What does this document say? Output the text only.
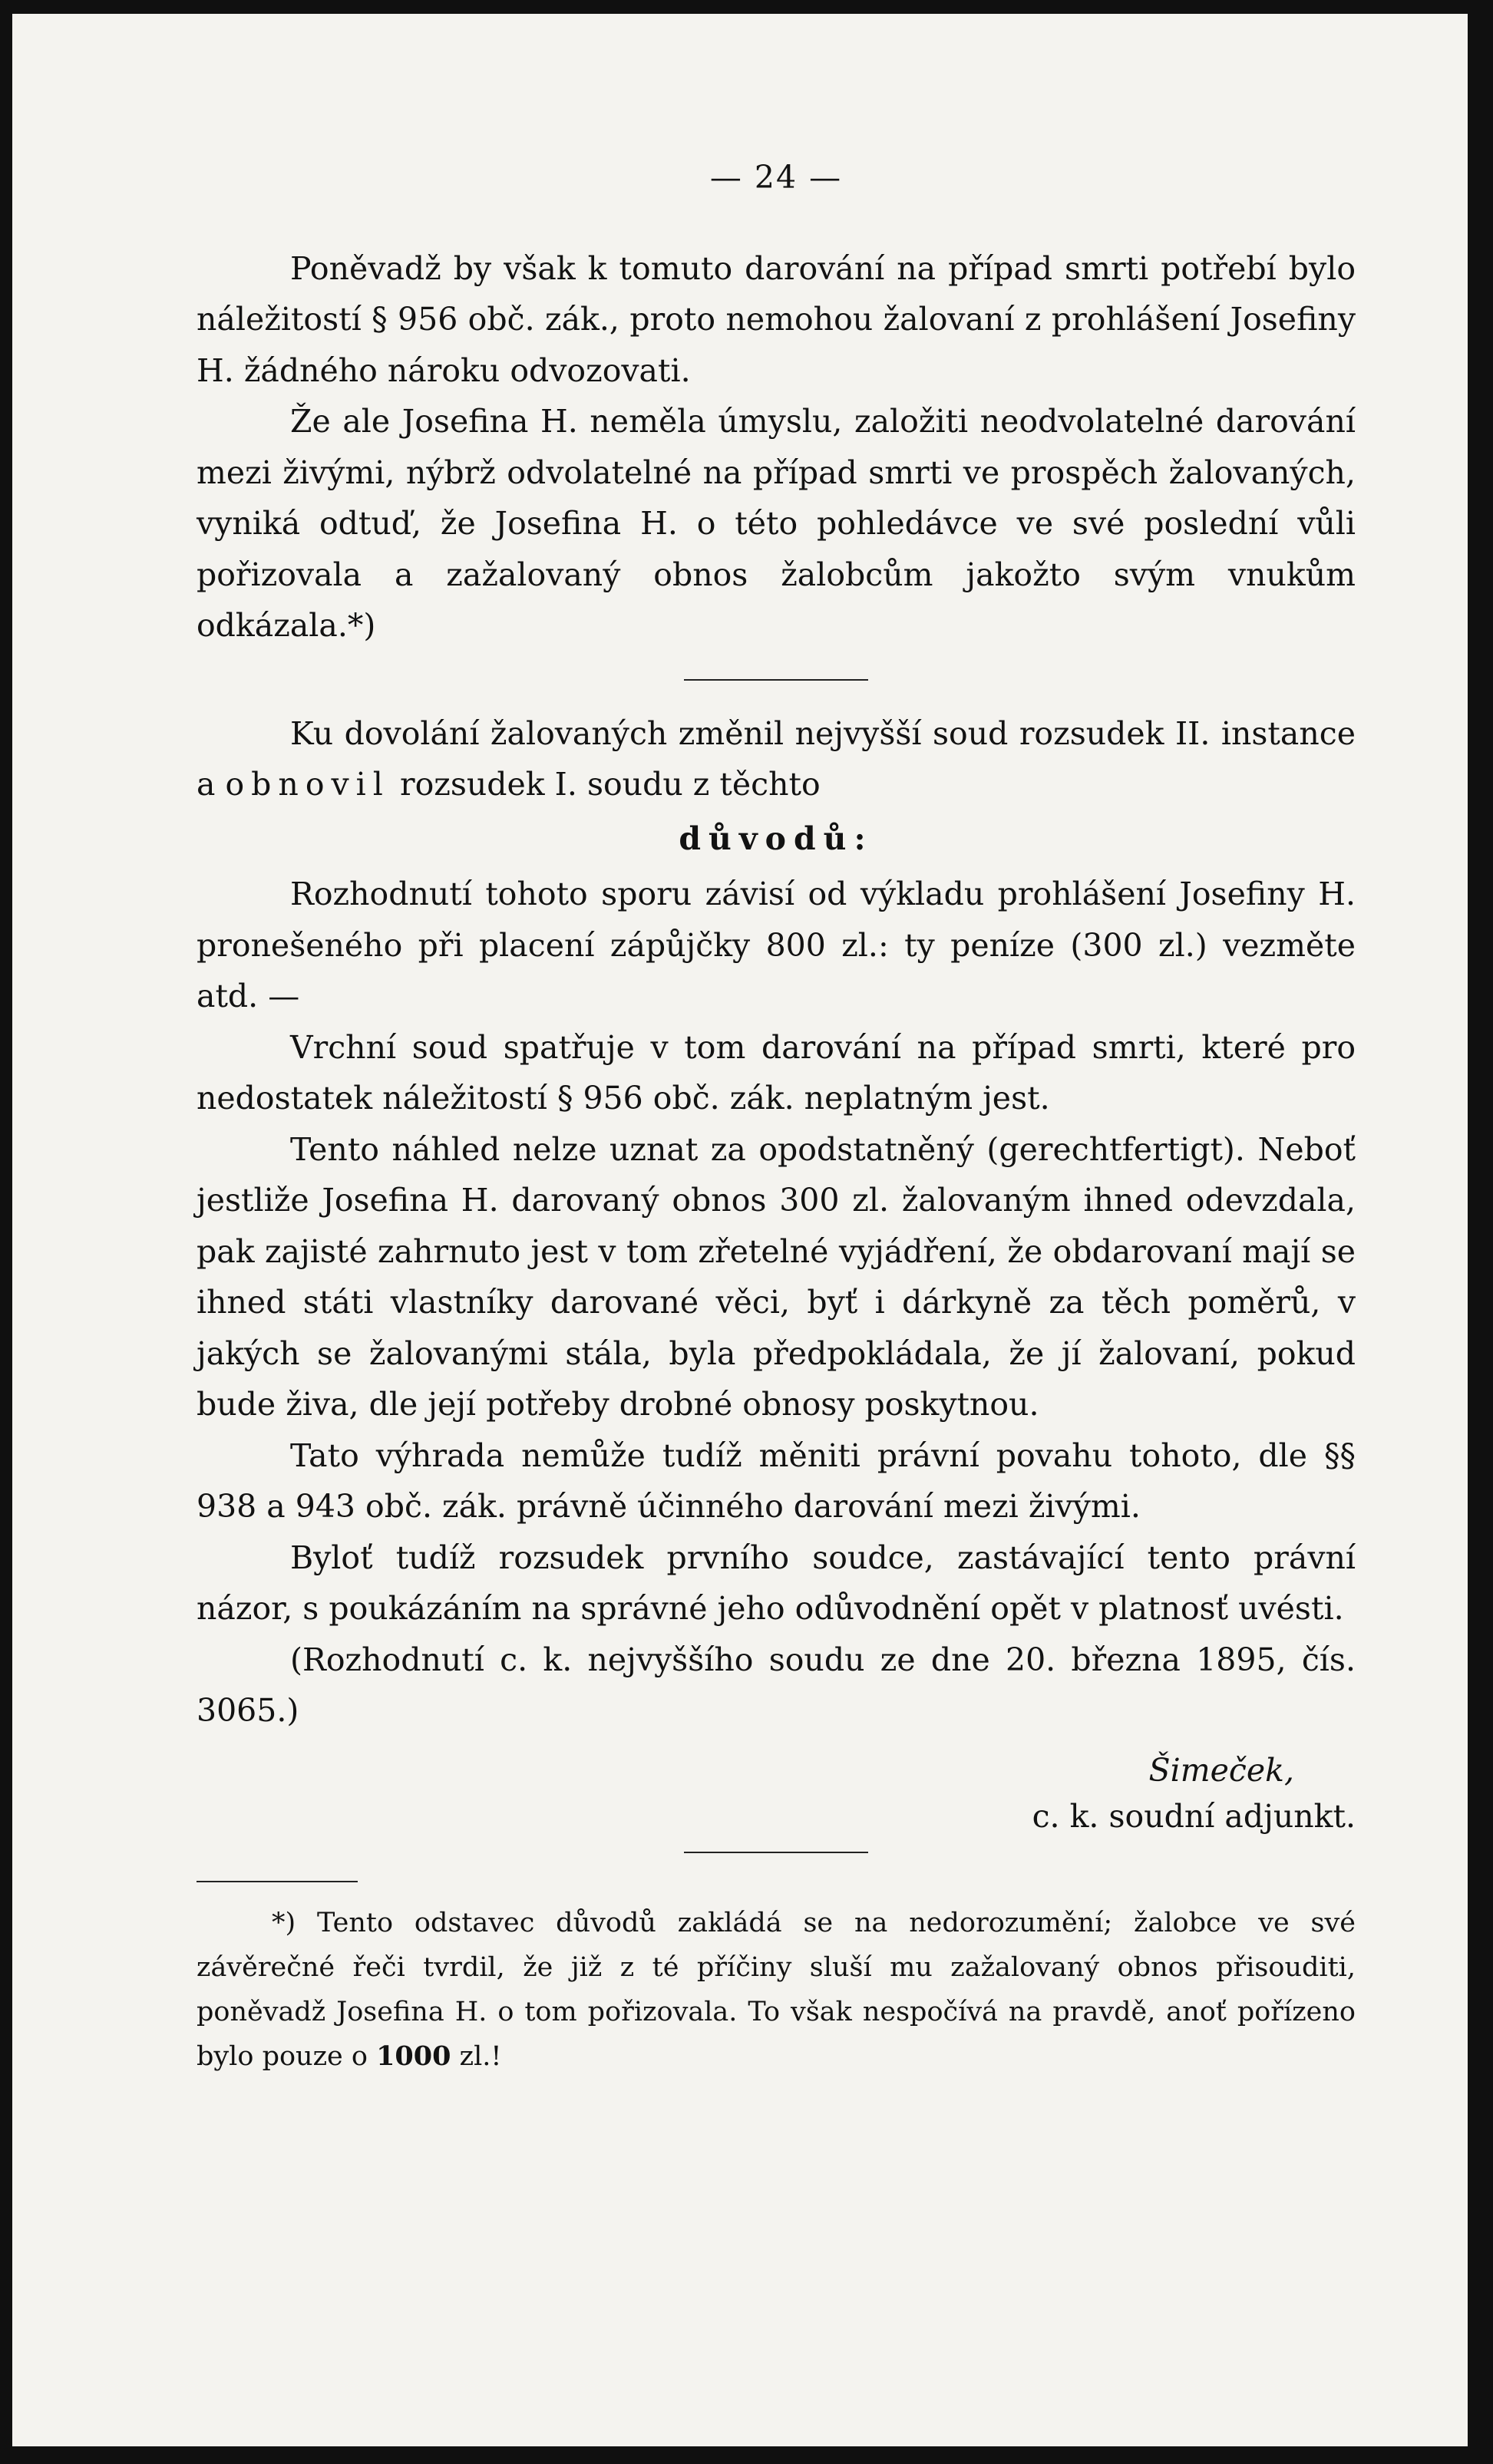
— 24 —

Poněvadž by však k tomuto darování na případ smrti potřebí bylo náležitostí § 956 obč. zák., proto nemohou žalovaní z prohlášení Josefiny H. žádného nároku odvozovati.

Že ale Josefina H. neměla úmyslu, založiti neodvolatelné darování mezi živými, nýbrž odvolatelné na případ smrti ve prospěch žalovaných, vyniká odtuď, že Josefina H. o této pohledávce ve své poslední vůli pořizovala a zažalovaný obnos žalobcům jakožto svým vnukům odkázala.*)

Ku dovolání žalovaných změnil nejvyšší soud rozsudek II. instance a obnovil rozsudek I. soudu z těchto

důvodů:

Rozhodnutí tohoto sporu závisí od výkladu prohlášení Josefiny H. pronešeného při placení zápůjčky 800 zl.: ty peníze (300 zl.) vezměte atd. —

Vrchní soud spatřuje v tom darování na případ smrti, které pro nedostatek náležitostí § 956 obč. zák. neplatným jest.

Tento náhled nelze uznat za opodstatněný (gerechtfertigt). Neboť jestliže Josefina H. darovaný obnos 300 zl. žalovaným ihned odevzdala, pak zajisté zahrnuto jest v tom zřetelné vyjádření, že obdarovaní mají se ihned státi vlastníky darované věci, byť i dárkyně za těch poměrů, v jakých se žalovanými stála, byla předpokládala, že jí žalovaní, pokud bude živa, dle její potřeby drobné obnosy poskytnou.

Tato výhrada nemůže tudíž měniti právní povahu tohoto, dle §§ 938 a 943 obč. zák. právně účinného darování mezi živými.

Byloť tudíž rozsudek prvního soudce, zastávající tento právní názor, s poukázáním na správné jeho odůvodnění opět v platnosť uvésti.

(Rozhodnutí c. k. nejvyššího soudu ze dne 20. března 1895, čís. 3065.)

Šimeček,

c. k. soudní adjunkt.

*) Tento odstavec důvodů zakládá se na nedorozumění; žalobce ve své závěrečné řeči tvrdil, že již z té příčiny sluší mu zažalovaný obnos přisouditi, poněvadž Josefina H. o tom pořizovala. To však nespočívá na pravdě, anoť pořízeno bylo pouze o 1000 zl.!
